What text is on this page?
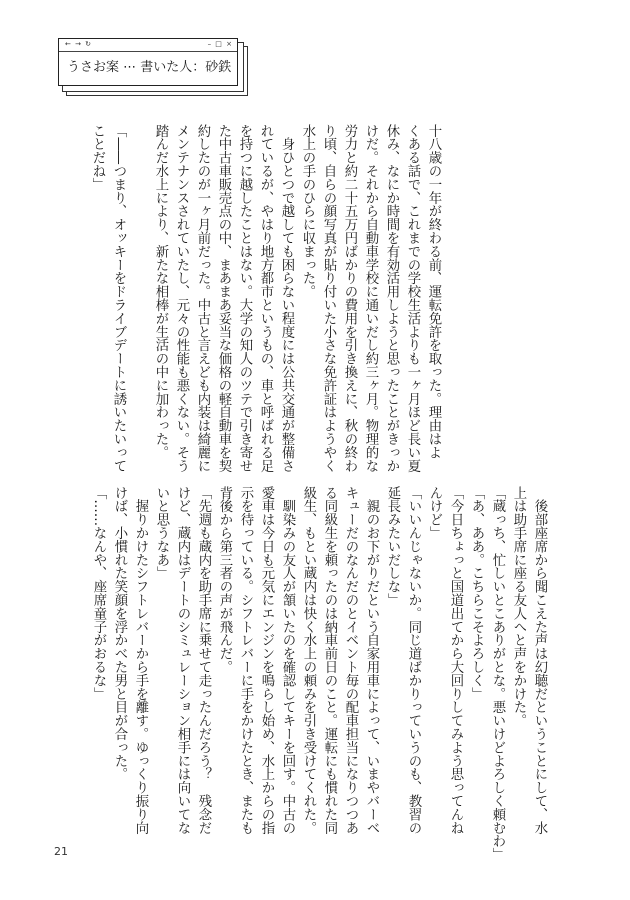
← → ↻	– □ ×
うさお案 ⋯ 書いた人：砂鉄
十八歳の一年が終わる前、運転免許を取った。理由はよ
くある話で、これまでの学校生活よりも一ヶ月ほど長い夏
休み、なにか時間を有効活用しようと思ったことがきっか
けだ。それから自動車学校に通いだし約三ヶ月。物理的な
労力と約二十五万円ばかりの費用を引き換えに、秋の終わ
り頃、自らの顔写真が貼り付いた小さな免許証はようやく
水上の手のひらに収まった。
　身ひとつで越しても困らない程度には公共交通が整備さ
れているが、やはり地方都市というもの、車と呼ばれる足
を持つに越したことはない。大学の知人のツテで引き寄せ
た中古車販売点の中、まあまあ妥当な価格の軽自動車を契
約したのが一ヶ月前だった。中古と言えども内装は綺麗に
メンテナンスされていたし、元々の性能も悪くない。そう
踏んだ水上により、新たな相棒が生活の中に加わった。
「――つまり、オッキーをドライブデートに誘いたいって
ことだね」
　後部座席から聞こえた声は幻聴だということにして、水
上は助手席に座る友人へと声をかけた。
「蔵っち、忙しいとこありがとな。悪いけどよろしく頼むわ」
「あ、ああ。こちらこそよろしく」
「今日ちょっと国道出てから大回りしてみよう思ってんね
んけど」
「いいんじゃないか。同じ道ばかりっていうのも、教習の
延長みたいだしな」
　親のお下がりだという自家用車によって、いまやバーベ
キューだのなんだのとイベント毎の配車担当になりつつあ
る同級生を頼ったのは納車前日のこと。運転にも慣れた同
級生、もとい蔵内は快く水上の頼みを引き受けてくれた。
　馴染みの友人が頷いたのを確認してキーを回す。中古の
愛車は今日も元気にエンジンを鳴らし始め、水上からの指
示を待っている。シフトレバーに手をかけたとき、またも
背後から第三者の声が飛んだ。
「先週も蔵内を助手席に乗せて走ったんだろう？　残念だ
けど、蔵内はデートのシミュレーション相手には向いてな
いと思うなあ」
　握りかけたシフトレバーから手を離す。ゆっくり振り向
けば、小慣れた笑顔を浮かべた男と目が合った。
「……なんや、座席童子がおるな」
21
